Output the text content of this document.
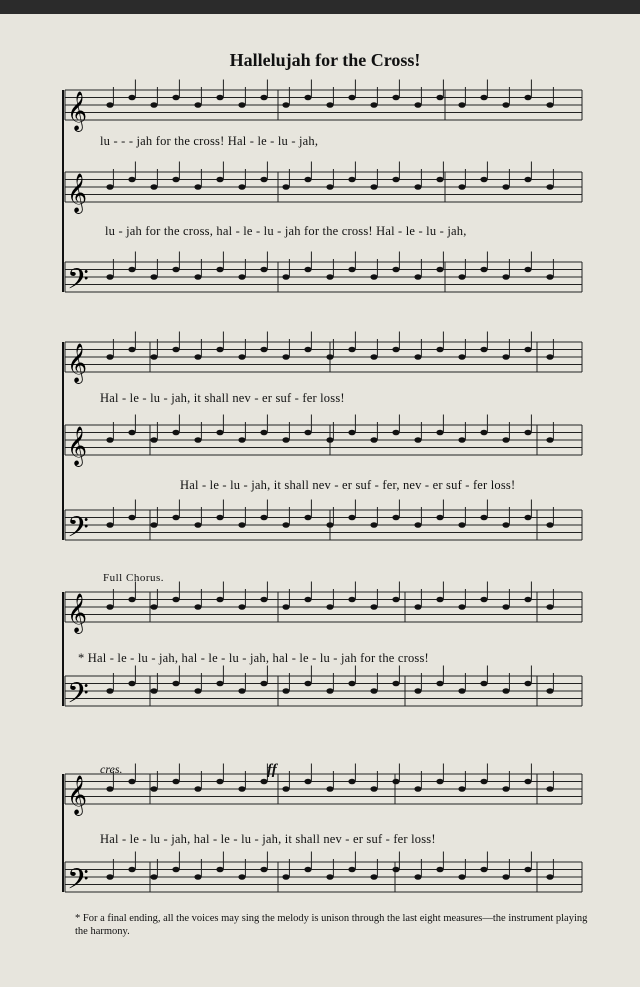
Hallelujah for the Cross!
𝄞
𝄞
𝄢
𝄞
𝄞
𝄢
𝄞
𝄢
𝄞
𝄢
lu - - - jah for the cross! Hal - le - lu - jah,
lu - jah for the cross, hal - le - lu - jah for the cross! Hal - le - lu - jah,
Hal - le - lu - jah, it shall nev - er suf - fer loss!
Hal - le - lu - jah, it shall nev - er suf - fer, nev - er suf - fer loss!
Full Chorus.
* Hal - le - lu - jah, hal - le - lu - jah, hal - le - lu - jah for the cross!
cres.	ff
Hal - le - lu - jah, hal - le - lu - jah, it shall nev - er suf - fer loss!
* For a final ending, all the voices may sing the melody is unison through the last eight measures—the instrument playing the harmony.
